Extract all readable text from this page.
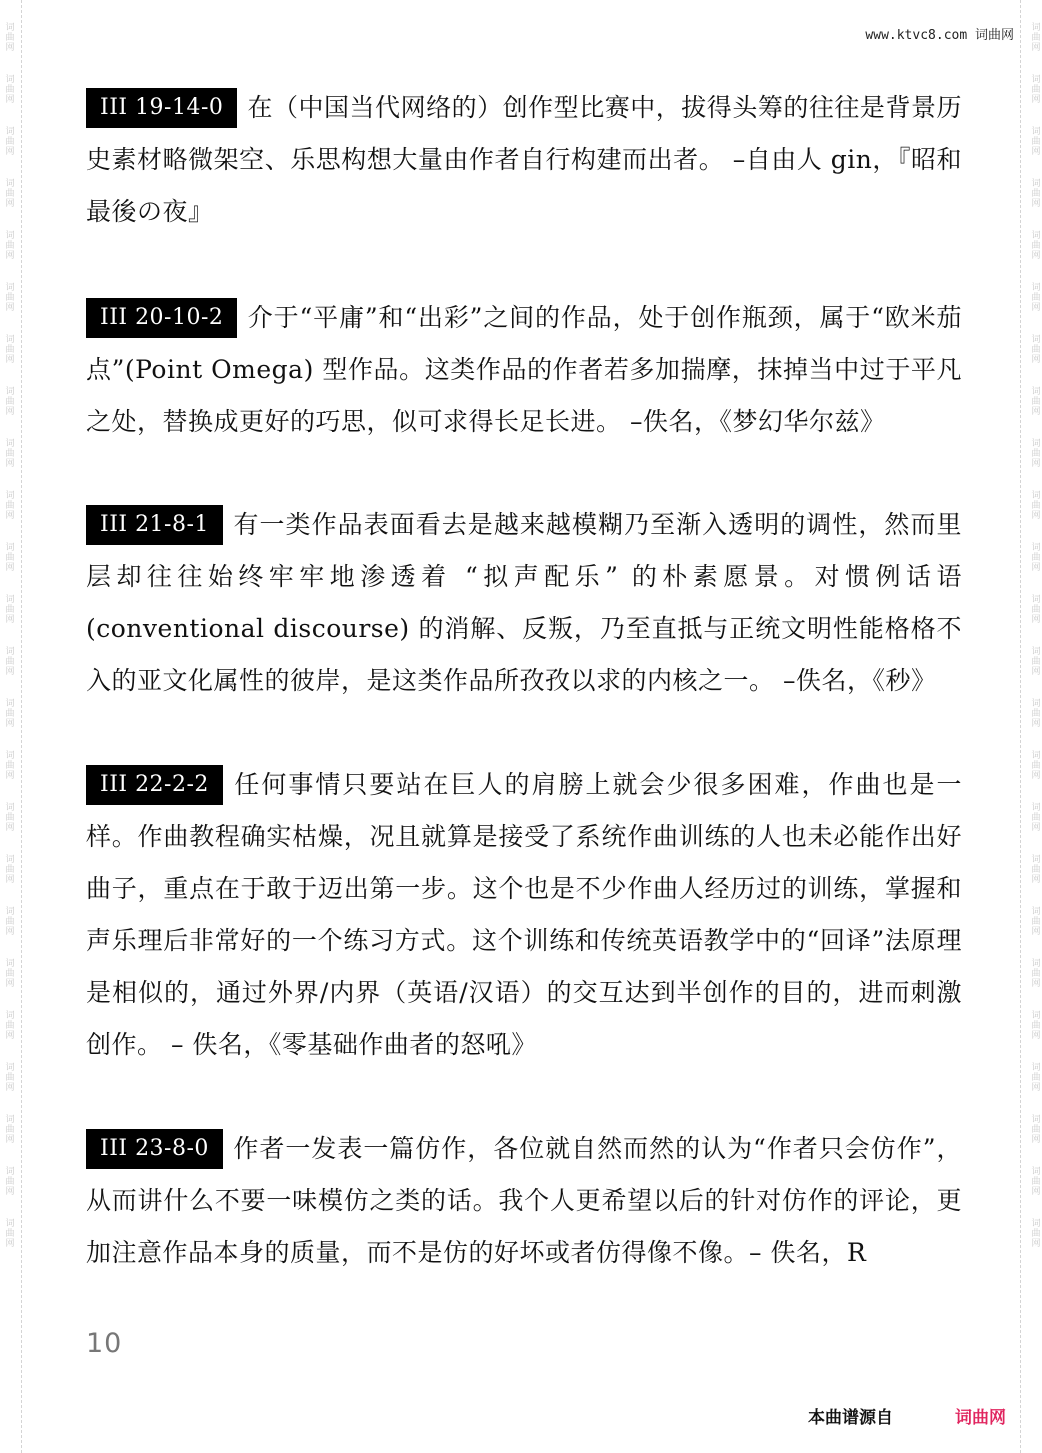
词曲网
词曲网
词曲网
词曲网
词曲网
词曲网
词曲网
词曲网
词曲网
词曲网
词曲网
词曲网
词曲网
词曲网
词曲网
词曲网
词曲网
词曲网
词曲网
词曲网
词曲网
词曲网
词曲网
词曲网
词曲网
词曲网
词曲网
词曲网
词曲网
词曲网
词曲网
词曲网
词曲网
词曲网
词曲网
词曲网
词曲网
词曲网
词曲网
词曲网
词曲网
词曲网
词曲网
词曲网
词曲网
词曲网
词曲网
词曲网
www.ktvc8.com 词曲网

III 19-14-0 在（中国当代网络的）创作型比赛中，拔得头筹的往往是背景历史素材略微架空、乐思构想大量由作者自行构建而出者。 –自由人 gin，『昭和最後の夜』

III 20-10-2 介于“平庸”和“出彩”之间的作品，处于创作瓶颈，属于“欧米茄点”(Point Omega) 型作品。这类作品的作者若多加揣摩，抹掉当中过于平凡之处，替换成更好的巧思，似可求得长足长进。 –佚名，《梦幻华尔兹》

III 21-8-1 有一类作品表面看去是越来越模糊乃至渐入透明的调性，然而里层却往往始终牢牢地渗透着 “拟声配乐” 的朴素愿景。对惯例话语 (conventional discourse) 的消解、反叛，乃至直抵与正统文明性能格格不入的亚文化属性的彼岸，是这类作品所孜孜以求的内核之一。 –佚名，《秒》

III 22-2-2 任何事情只要站在巨人的肩膀上就会少很多困难，作曲也是一样。作曲教程确实枯燥，况且就算是接受了系统作曲训练的人也未必能作出好曲子，重点在于敢于迈出第一步。这个也是不少作曲人经历过的训练，掌握和声乐理后非常好的一个练习方式。这个训练和传统英语教学中的“回译”法原理是相似的，通过外界/内界（英语/汉语）的交互达到半创作的目的，进而刺激创作。 – 佚名，《零基础作曲者的怒吼》

III 23-8-0 作者一发表一篇仿作，各位就自然而然的认为“作者只会仿作”，从而讲什么不要一味模仿之类的话。我个人更希望以后的针对仿作的评论，更加注意作品本身的质量，而不是仿的好坏或者仿得像不像。– 佚名，R

10
本曲谱源自	词曲网
